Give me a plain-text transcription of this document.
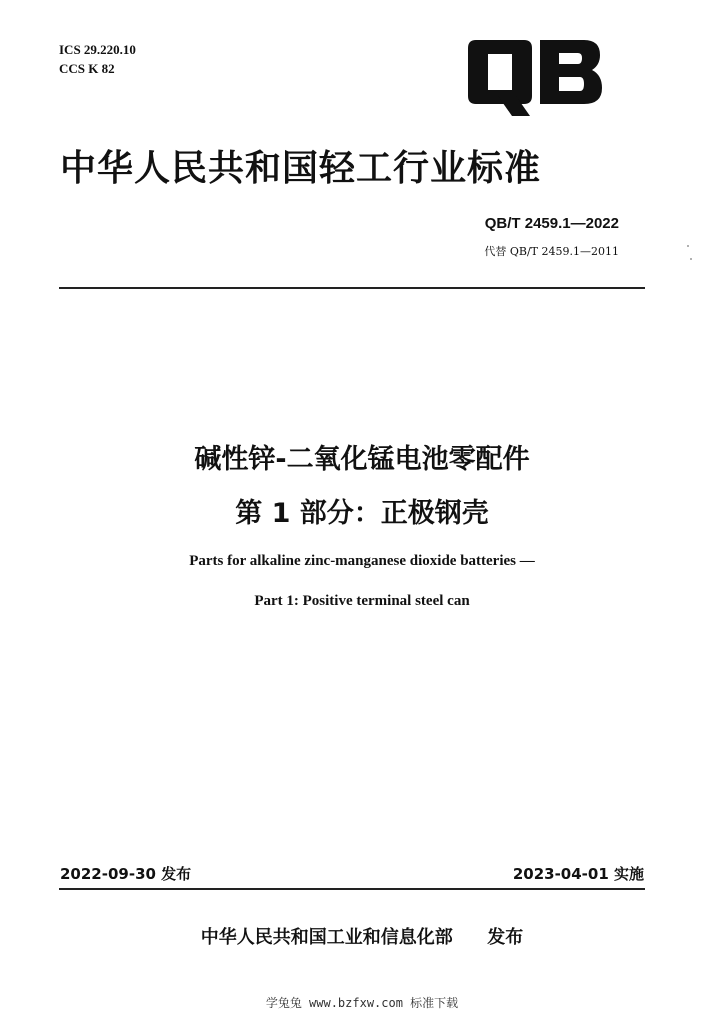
ICS 29.220.10
CCS K 82
中华人民共和国轻工行业标准
QB/T 2459.1—2022
代替 QB/T 2459.1—2011
碱性锌-二氧化锰电池零配件
第 1 部分：正极钢壳
Parts for alkaline zinc-manganese dioxide batteries —
Part 1: Positive terminal steel can
2022-09-30 发布	2023-04-01 实施
中华人民共和国工业和信息化部 发布
学兔兔 www.bzfxw.com 标准下载
